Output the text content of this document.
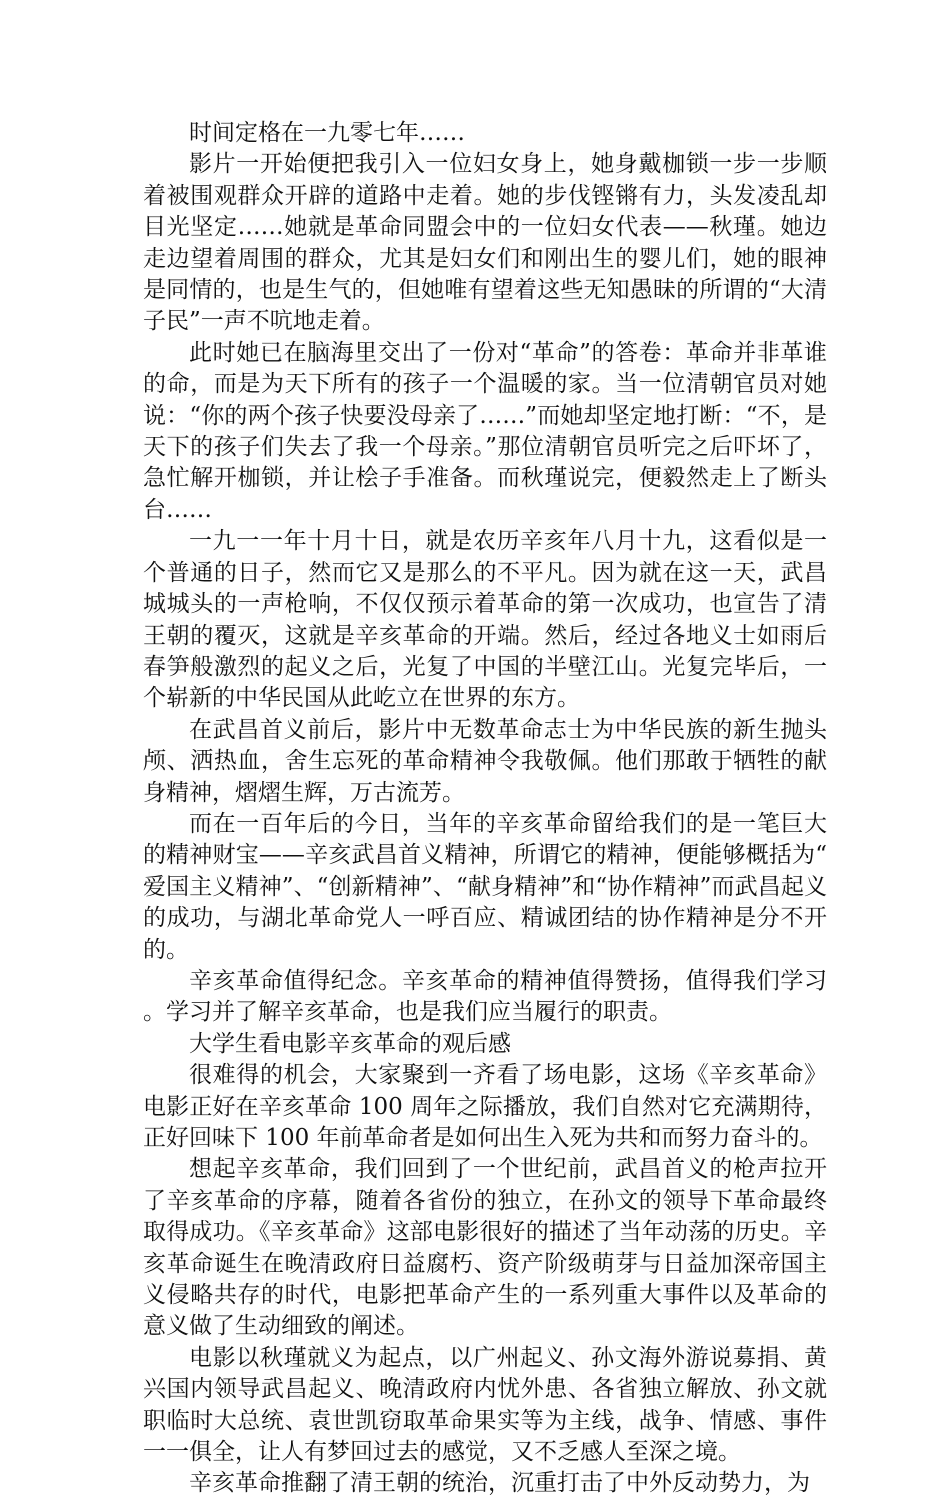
时间定格在一九零七年……

影片一开始便把我引入一位妇女身上，她身戴枷锁一步一步顺着被围观群众开辟的道路中走着。她的步伐铿锵有力，头发凌乱却目光坚定……她就是革命同盟会中的一位妇女代表——秋瑾。她边走边望着周围的群众，尤其是妇女们和刚出生的婴儿们，她的眼神是同情的，也是生气的，但她唯有望着这些无知愚昧的所谓的“大清子民”一声不吭地走着。

此时她已在脑海里交出了一份对“革命”的答卷：革命并非革谁的命，而是为天下所有的孩子一个温暖的家。当一位清朝官员对她说：“你的两个孩子快要没母亲了……”而她却坚定地打断：“不，是天下的孩子们失去了我一个母亲。”那位清朝官员听完之后吓坏了，急忙解开枷锁，并让桧子手准备。而秋瑾说完，便毅然走上了断头台……

一九一一年十月十日，就是农历辛亥年八月十九，这看似是一个普通的日子，然而它又是那么的不平凡。因为就在这一天，武昌城城头的一声枪响，不仅仅预示着革命的第一次成功，也宣告了清王朝的覆灭，这就是辛亥革命的开端。然后，经过各地义士如雨后春笋般激烈的起义之后，光复了中国的半壁江山。光复完毕后，一个崭新的中华民国从此屹立在世界的东方。

在武昌首义前后，影片中无数革命志士为中华民族的新生抛头颅、洒热血，舍生忘死的革命精神令我敬佩。他们那敢于牺牲的献身精神，熠熠生辉，万古流芳。

而在一百年后的今日，当年的辛亥革命留给我们的是一笔巨大的精神财宝——辛亥武昌首义精神，所谓它的精神，便能够概括为“爱国主义精神”、“创新精神”、“献身精神”和“协作精神”而武昌起义的成功，与湖北革命党人一呼百应、精诚团结的协作精神是分不开的。

辛亥革命值得纪念。辛亥革命的精神值得赞扬，值得我们学习。学习并了解辛亥革命，也是我们应当履行的职责。

大学生看电影辛亥革命的观后感

很难得的机会，大家聚到一齐看了场电影，这场《辛亥革命》电影正好在辛亥革命 100 周年之际播放，我们自然对它充满期待，正好回味下 100 年前革命者是如何出生入死为共和而努力奋斗的。

想起辛亥革命，我们回到了一个世纪前，武昌首义的枪声拉开了辛亥革命的序幕，随着各省份的独立，在孙文的领导下革命最终取得成功。《辛亥革命》这部电影很好的描述了当年动荡的历史。辛亥革命诞生在晚清政府日益腐朽、资产阶级萌芽与日益加深帝国主义侵略共存的时代，电影把革命产生的一系列重大事件以及革命的意义做了生动细致的阐述。

电影以秋瑾就义为起点，以广州起义、孙文海外游说募捐、黄兴国内领导武昌起义、晚清政府内忧外患、各省独立解放、孙文就职临时大总统、袁世凯窃取革命果实等为主线，战争、情感、事件一一俱全，让人有梦回过去的感觉，又不乏感人至深之境。

辛亥革命推翻了清王朝的统治，沉重打击了中外反动势力，为
